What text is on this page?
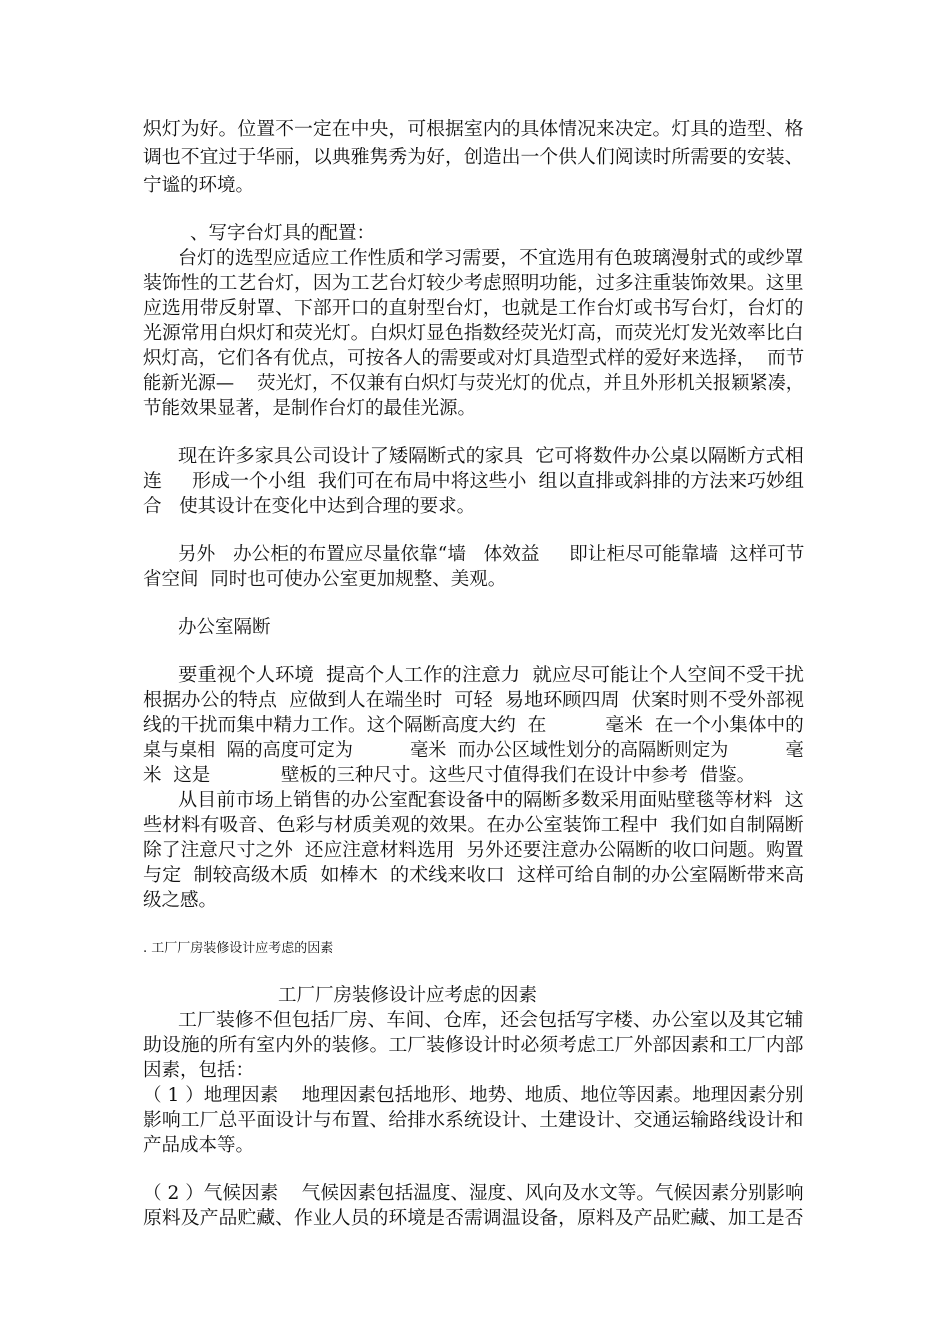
炽灯为好。位置不一定在中央，可根据室内的具体情况来决定。灯具的造型、格
调也不宜过于华丽，以典雅隽秀为好，创造出一个供人们阅读时所需要的安装、
宁谧的环境。
、写字台灯具的配置：
台灯的选型应适应工作性质和学习需要，不宜选用有色玻璃漫射式的或纱罩
装饰性的工艺台灯，因为工艺台灯较少考虑照明功能，过多注重装饰效果。这里
应选用带反射罩、下部开口的直射型台灯，也就是工作台灯或书写台灯，台灯的
光源常用白炽灯和荧光灯。白炽灯显色指数经荧光灯高，而荧光灯发光效率比白
炽灯高，它们各有优点，可按各人的需要或对灯具造型式样的爱好来选择，  而节
能新光源—    荧光灯，不仅兼有白炽灯与荧光灯的优点，并且外形机关报颖紧凑，
节能效果显著，是制作台灯的最佳光源。
现在许多家具公司设计了矮隔断式的家具  它可将数件办公桌以隔断方式相
连     形成一个小组  我们可在布局中将这些小  组以直排或斜排的方法来巧妙组
合   使其设计在变化中达到合理的要求。
另外   办公柜的布置应尽量依靠“墙   体效益     即让柜尽可能靠墙  这样可节
省空间  同时也可使办公室更加规整、美观。
办公室隔断
要重视个人环境  提高个人工作的注意力  就应尽可能让个人空间不受干扰
根据办公的特点  应做到人在端坐时  可轻  易地环顾四周  伏案时则不受外部视
线的干扰而集中精力工作。这个隔断高度大约  在          毫米  在一个小集体中的
桌与桌相  隔的高度可定为          毫米  而办公区域性划分的高隔断则定为          毫
米  这是            壁板的三种尺寸。这些尺寸值得我们在设计中参考  借鉴。
从目前市场上销售的办公室配套设备中的隔断多数采用面贴壁毯等材料  这
些材料有吸音、色彩与材质美观的效果。在办公室装饰工程中  我们如自制隔断
除了注意尺寸之外  还应注意材料选用  另外还要注意办公隔断的收口问题。购置
与定  制较高级木质  如棒木  的术线来收口  这样可给自制的办公室隔断带来高
级之感。
. 工厂厂房装修设计应考虑的因素
工厂厂房装修设计应考虑的因素
工厂装修不但包括厂房、车间、仓库，还会包括写字楼、办公室以及其它辅
助设施的所有室内外的装修。工厂装修设计时必须考虑工厂外部因素和工厂内部
因素，包括：
（ 1 ）地理因素    地理因素包括地形、地势、地质、地位等因素。地理因素分别
影响工厂总平面设计与布置、给排水系统设计、土建设计、交通运输路线设计和
产品成本等。
（ 2 ）气候因素    气候因素包括温度、湿度、风向及水文等。气候因素分别影响
原料及产品贮藏、作业人员的环境是否需调温设备，原料及产品贮藏、加工是否
